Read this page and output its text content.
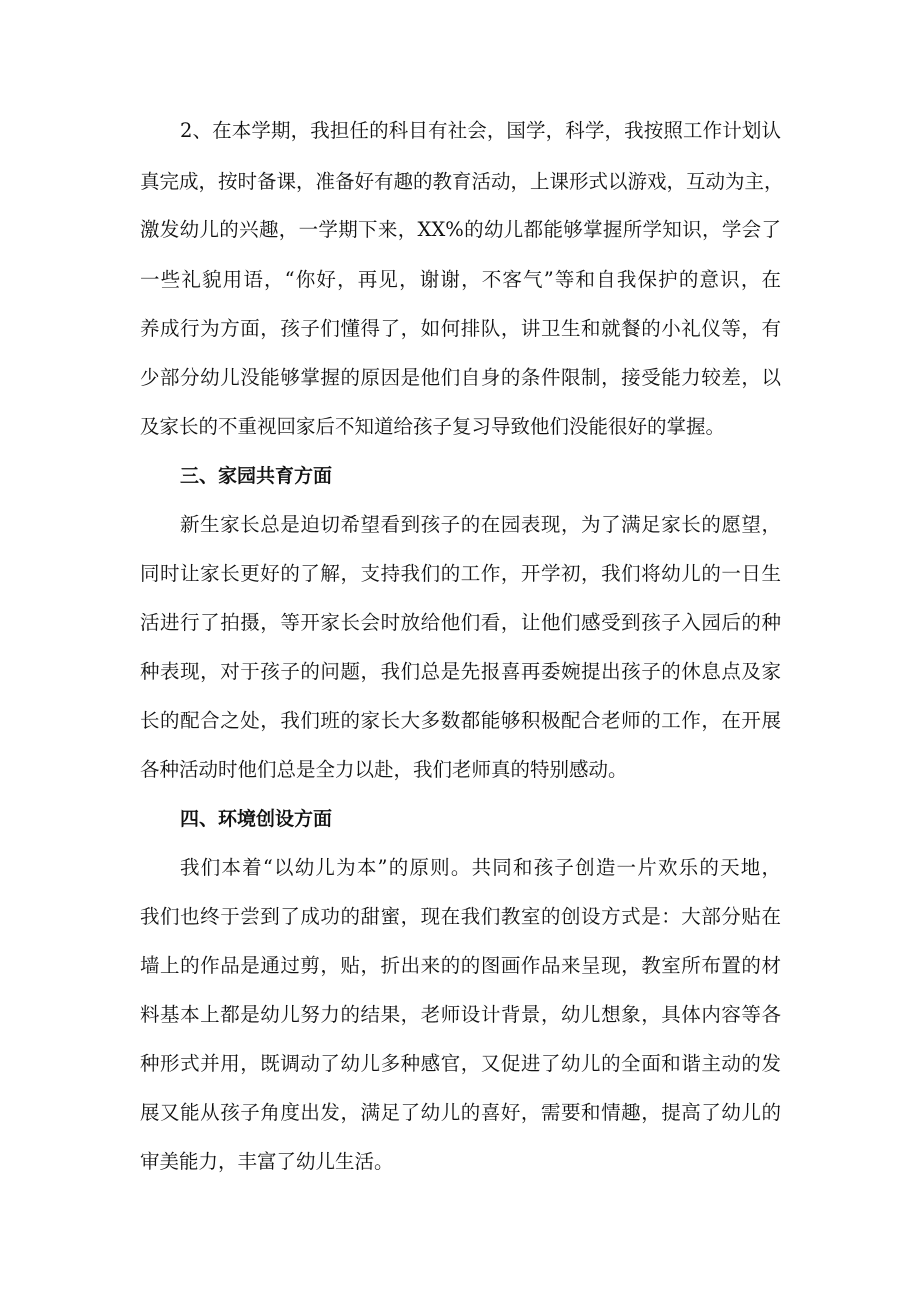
2、在本学期，我担任的科目有社会，国学，科学，我按照工作计划认
真完成，按时备课，准备好有趣的教育活动，上课形式以游戏，互动为主，
激发幼儿的兴趣，一学期下来，XX%的幼儿都能够掌握所学知识，学会了
一些礼貌用语，“你好，再见，谢谢，不客气”等和自我保护的意识，在
养成行为方面，孩子们懂得了，如何排队，讲卫生和就餐的小礼仪等，有
少部分幼儿没能够掌握的原因是他们自身的条件限制，接受能力较差，以
及家长的不重视回家后不知道给孩子复习导致他们没能很好的掌握。
三、家园共育方面
新生家长总是迫切希望看到孩子的在园表现，为了满足家长的愿望，
同时让家长更好的了解，支持我们的工作，开学初，我们将幼儿的一日生
活进行了拍摄，等开家长会时放给他们看，让他们感受到孩子入园后的种
种表现，对于孩子的问题，我们总是先报喜再委婉提出孩子的休息点及家
长的配合之处，我们班的家长大多数都能够积极配合老师的工作，在开展
各种活动时他们总是全力以赴，我们老师真的特别感动。
四、环境创设方面
我们本着“以幼儿为本”的原则。共同和孩子创造一片欢乐的天地，
我们也终于尝到了成功的甜蜜，现在我们教室的创设方式是：大部分贴在
墙上的作品是通过剪，贴，折出来的的图画作品来呈现，教室所布置的材
料基本上都是幼儿努力的结果，老师设计背景，幼儿想象，具体内容等各
种形式并用，既调动了幼儿多种感官，又促进了幼儿的全面和谐主动的发
展又能从孩子角度出发，满足了幼儿的喜好，需要和情趣，提高了幼儿的
审美能力，丰富了幼儿生活。
